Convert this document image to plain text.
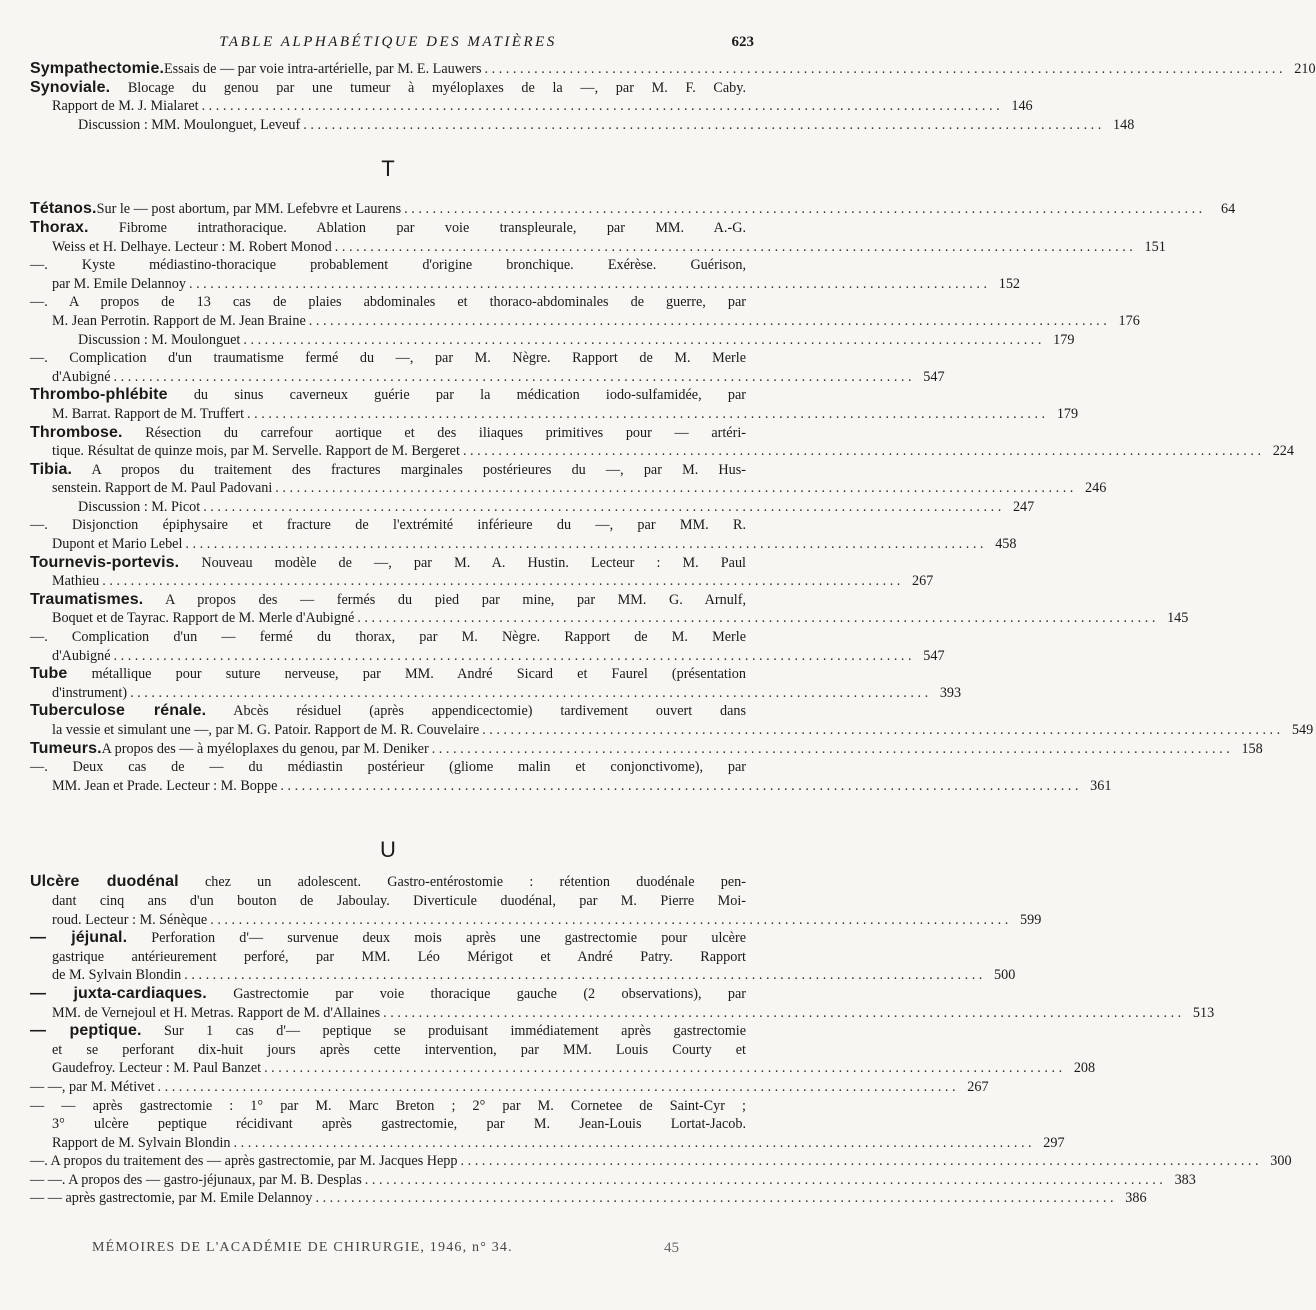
TABLE ALPHABÉTIQUE DES MATIÈRES	623
Sympathectomie. Essais de — par voie intra-artérielle, par M. E. Lauwers . . .	210
Synoviale. Blocage du genou par une tumeur à myéloplaxes de la —, par M. F. Caby.
Rapport de M. J. Mialaret . . .	146
Discussion : MM. Moulonguet, Leveuf . . .	148
T
Tétanos. Sur le — post abortum, par MM. Lefebvre et Laurens . . .	64
Thorax. Fibrome intrathoracique. Ablation par voie transpleurale, par MM. A.-G.
Weiss et H. Delhaye. Lecteur : M. Robert Monod . . .	151
—. Kyste médiastino-thoracique probablement d'origine bronchique. Exérèse. Guérison,
par M. Emile Delannoy . . .	152
—. A propos de 13 cas de plaies abdominales et thoraco-abdominales de guerre, par
M. Jean Perrotin. Rapport de M. Jean Braine . . .	176
Discussion : M. Moulonguet . . .	179
—. Complication d'un traumatisme fermé du —, par M. Nègre. Rapport de M. Merle
d'Aubigné . . .	547
Thrombo-phlébite du sinus caverneux guérie par la médication iodo-sulfamidée, par
M. Barrat. Rapport de M. Truffert . . .	179
Thrombose. Résection du carrefour aortique et des iliaques primitives pour — artéri-
tique. Résultat de quinze mois, par M. Servelle. Rapport de M. Bergeret . . .	224
Tibia. A propos du traitement des fractures marginales postérieures du —, par M. Hus-
senstein. Rapport de M. Paul Padovani . . .	246
Discussion : M. Picot . . .	247
—. Disjonction épiphysaire et fracture de l'extrémité inférieure du —, par MM. R.
Dupont et Mario Lebel . . .	458
Tournevis-portevis. Nouveau modèle de —, par M. A. Hustin. Lecteur : M. Paul
Mathieu . . .	267
Traumatismes. A propos des — fermés du pied par mine, par MM. G. Arnulf,
Boquet et de Tayrac. Rapport de M. Merle d'Aubigné . . .	145
—. Complication d'un — fermé du thorax, par M. Nègre. Rapport de M. Merle
d'Aubigné . . .	547
Tube métallique pour suture nerveuse, par MM. André Sicard et Faurel (présentation
d'instrument) . . .	393
Tuberculose rénale. Abcès résiduel (après appendicectomie) tardivement ouvert dans
la vessie et simulant une —, par M. G. Patoir. Rapport de M. R. Couvelaire . . .	549
Tumeurs. A propos des — à myéloplaxes du genou, par M. Deniker . . .	158
—. Deux cas de — du médiastin postérieur (gliome malin et conjonctivome), par
MM. Jean et Prade. Lecteur : M. Boppe . . .	361
U
Ulcère duodénal chez un adolescent. Gastro-entérostomie : rétention duodénale pen-
dant cinq ans d'un bouton de Jaboulay. Diverticule duodénal, par M. Pierre Moi-
roud. Lecteur : M. Sénèque . . .	599
— jéjunal. Perforation d'— survenue deux mois après une gastrectomie pour ulcère
gastrique antérieurement perforé, par MM. Léo Mérigot et André Patry. Rapport
de M. Sylvain Blondin . . .	500
— juxta-cardiaques. Gastrectomie par voie thoracique gauche (2 observations), par
MM. de Vernejoul et H. Metras. Rapport de M. d'Allaines . . .	513
— peptique. Sur 1 cas d'— peptique se produisant immédiatement après gastrectomie
et se perforant dix-huit jours après cette intervention, par MM. Louis Courty et
Gaudefroy. Lecteur : M. Paul Banzet . . .	208
— —, par M. Métivet . . .	267
— — après gastrectomie : 1° par M. Marc Breton ; 2° par M. Cornetee de Saint-Cyr ;
3° ulcère peptique récidivant après gastrectomie, par M. Jean-Louis Lortat-Jacob.
Rapport de M. Sylvain Blondin . . .	297
—. A propos du traitement des — après gastrectomie, par M. Jacques Hepp . . .	300
— —. A propos des — gastro-jéjunaux, par M. B. Desplas . . .	383
— — après gastrectomie, par M. Emile Delannoy . . .	386
MÉMOIRES DE L'ACADÉMIE DE CHIRURGIE, 1946, n° 34.	45
